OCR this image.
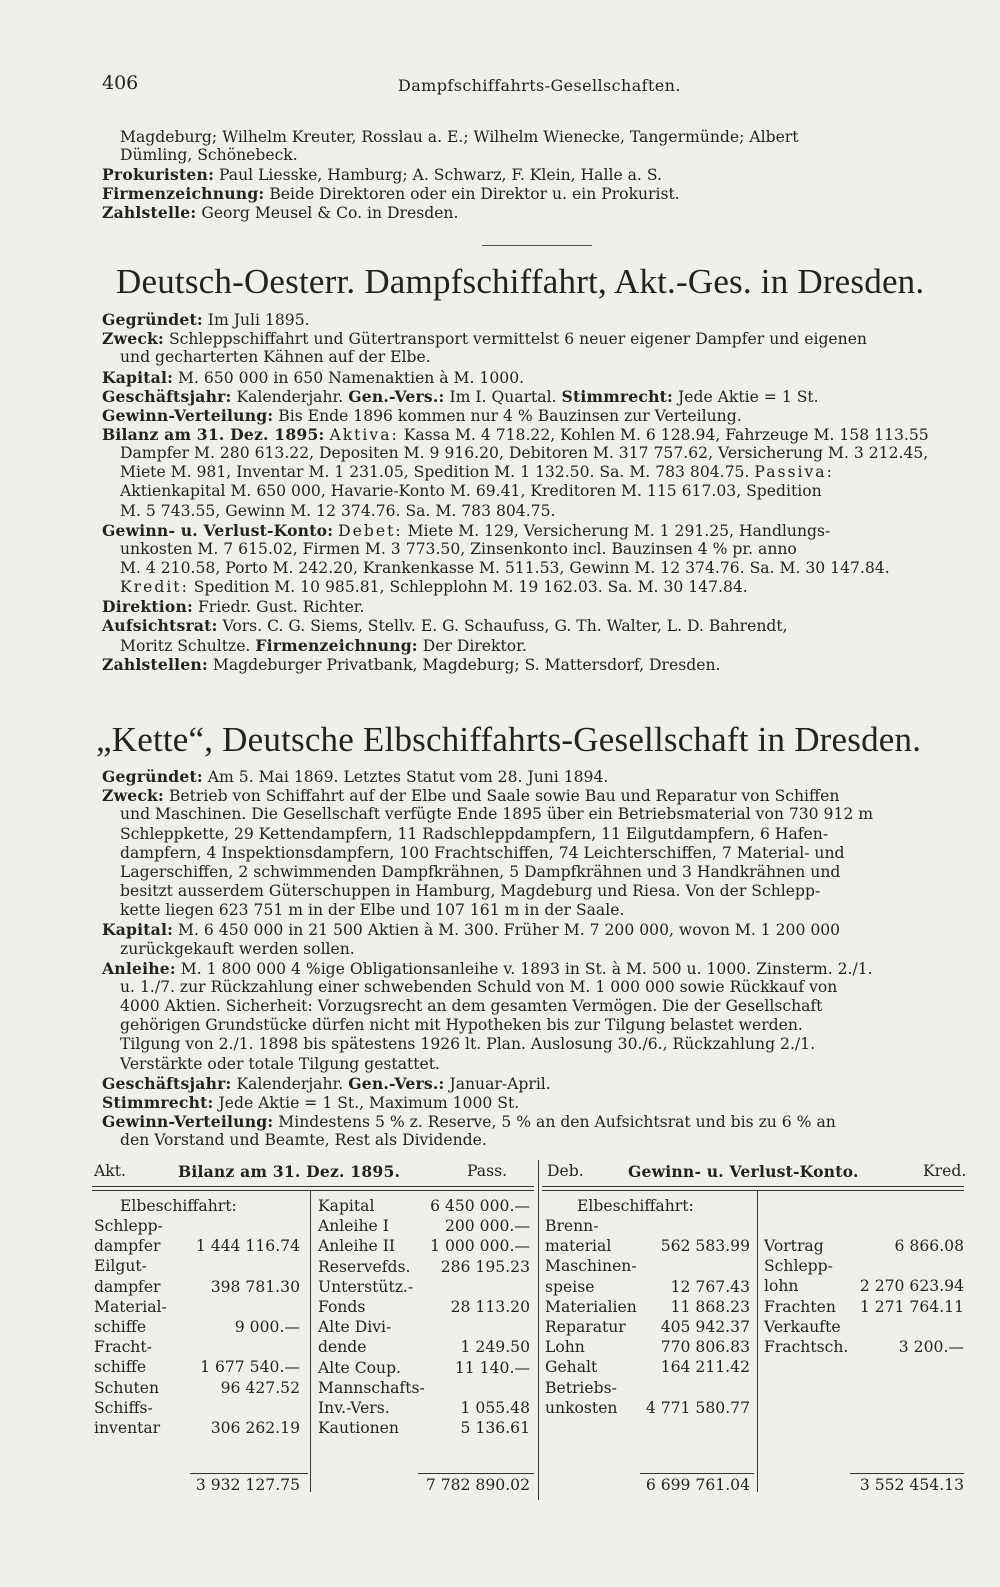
406	Dampfschiffahrts-Gesellschaften.
Magdeburg; Wilhelm Kreuter, Rosslau a. E.; Wilhelm Wienecke, Tangermünde; Albert
Dümling, Schönebeck.
Prokuristen: Paul Liesske, Hamburg; A. Schwarz, F. Klein, Halle a. S.
Firmenzeichnung: Beide Direktoren oder ein Direktor u. ein Prokurist.
Zahlstelle: Georg Meusel & Co. in Dresden.
Deutsch-Oesterr. Dampfschiffahrt, Akt.-Ges. in Dresden.
Gegründet: Im Juli 1895.
Zweck: Schleppschiffahrt und Gütertransport vermittelst 6 neuer eigener Dampfer und eigenen
und gecharterten Kähnen auf der Elbe.
Kapital: M. 650 000 in 650 Namenaktien à M. 1000.
Geschäftsjahr: Kalenderjahr. Gen.-Vers.: Im I. Quartal. Stimmrecht: Jede Aktie = 1 St.
Gewinn-Verteilung: Bis Ende 1896 kommen nur 4 % Bauzinsen zur Verteilung.
Bilanz am 31. Dez. 1895: Aktiva: Kassa M. 4 718.22, Kohlen M. 6 128.94, Fahrzeuge M. 158 113.55
Dampfer M. 280 613.22, Depositen M. 9 916.20, Debitoren M. 317 757.62, Versicherung M. 3 212.45,
Miete M. 981, Inventar M. 1 231.05, Spedition M. 1 132.50. Sa. M. 783 804.75. Passiva:
Aktienkapital M. 650 000, Havarie-Konto M. 69.41, Kreditoren M. 115 617.03, Spedition
M. 5 743.55, Gewinn M. 12 374.76. Sa. M. 783 804.75.
Gewinn- u. Verlust-Konto: Debet: Miete M. 129, Versicherung M. 1 291.25, Handlungs-
unkosten M. 7 615.02, Firmen M. 3 773.50, Zinsenkonto incl. Bauzinsen 4 % pr. anno
M. 4 210.58, Porto M. 242.20, Krankenkasse M. 511.53, Gewinn M. 12 374.76. Sa. M. 30 147.84.
Kredit: Spedition M. 10 985.81, Schlepplohn M. 19 162.03. Sa. M. 30 147.84.
Direktion: Friedr. Gust. Richter.
Aufsichtsrat: Vors. C. G. Siems, Stellv. E. G. Schaufuss, G. Th. Walter, L. D. Bahrendt,
Moritz Schultze. Firmenzeichnung: Der Direktor.
Zahlstellen: Magdeburger Privatbank, Magdeburg; S. Mattersdorf, Dresden.
„Kette“, Deutsche Elbschiffahrts-Gesellschaft in Dresden.
Gegründet: Am 5. Mai 1869. Letztes Statut vom 28. Juni 1894.
Zweck: Betrieb von Schiffahrt auf der Elbe und Saale sowie Bau und Reparatur von Schiffen
und Maschinen. Die Gesellschaft verfügte Ende 1895 über ein Betriebsmaterial von 730 912 m
Schleppkette, 29 Kettendampfern, 11 Radschleppdampfern, 11 Eilgutdampfern, 6 Hafen-
dampfern, 4 Inspektionsdampfern, 100 Frachtschiffen, 74 Leichterschiffen, 7 Material- und
Lagerschiffen, 2 schwimmenden Dampfkrähnen, 5 Dampfkrähnen und 3 Handkrähnen und
besitzt ausserdem Güterschuppen in Hamburg, Magdeburg und Riesa. Von der Schlepp-
kette liegen 623 751 m in der Elbe und 107 161 m in der Saale.
Kapital: M. 6 450 000 in 21 500 Aktien à M. 300. Früher M. 7 200 000, wovon M. 1 200 000
zurückgekauft werden sollen.
Anleihe: M. 1 800 000 4 %ige Obligationsanleihe v. 1893 in St. à M. 500 u. 1000. Zinsterm. 2./1.
u. 1./7. zur Rückzahlung einer schwebenden Schuld von M. 1 000 000 sowie Rückkauf von
4000 Aktien. Sicherheit: Vorzugsrecht an dem gesamten Vermögen. Die der Gesellschaft
gehörigen Grundstücke dürfen nicht mit Hypotheken bis zur Tilgung belastet werden.
Tilgung von 2./1. 1898 bis spätestens 1926 lt. Plan. Auslosung 30./6., Rückzahlung 2./1.
Verstärkte oder totale Tilgung gestattet.
Geschäftsjahr: Kalenderjahr. Gen.-Vers.: Januar-April.
Stimmrecht: Jede Aktie = 1 St., Maximum 1000 St.
Gewinn-Verteilung: Mindestens 5 % z. Reserve, 5 % an den Aufsichtsrat und bis zu 6 % an
den Vorstand und Beamte, Rest als Dividende.
Akt.	Bilanz am 31. Dez. 1895.	Pass.	Deb.	Gewinn- u. Verlust-Konto.	Kred.
Elbeschiffahrt:
Schlepp-
dampfer	1 444 116.74
Eilgut-
dampfer	398 781.30
Material-
schiffe	9 000.—
Fracht-
schiffe	1 677 540.—
Schuten	96 427.52
Schiffs-
inventar	306 262.19
3 932 127.75
Kapital	6 450 000.—
Anleihe I	200 000.—
Anleihe II	1 000 000.—
Reservefds.	286 195.23
Unterstütz.-
Fonds	28 113.20
Alte Divi-
dende	1 249.50
Alte Coup.	11 140.—
Mannschafts-
Inv.-Vers.	1 055.48
Kautionen	5 136.61
7 782 890.02
Elbeschiffahrt:
Brenn-
material	562 583.99
Maschinen-
speise	12 767.43
Materialien	11 868.23
Reparatur	405 942.37
Lohn	770 806.83
Gehalt	164 211.42
Betriebs-
unkosten	4 771 580.77
6 699 761.04
Vortrag	6 866.08
Schlepp-
lohn	2 270 623.94
Frachten	1 271 764.11
Verkaufte
Frachtsch.	3 200.—
3 552 454.13
